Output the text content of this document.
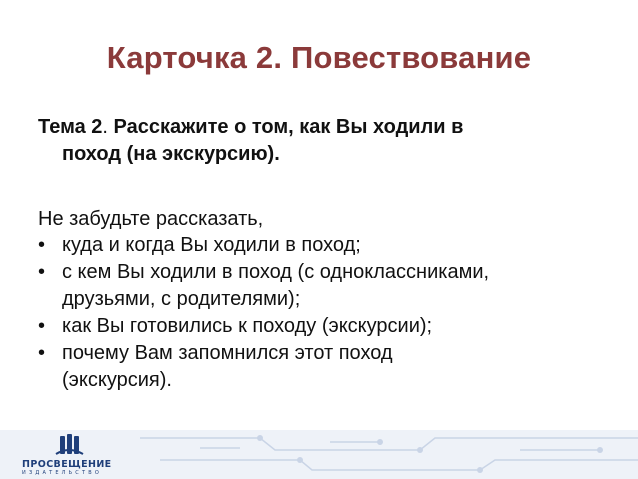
Карточка 2. Повествование
Тема 2. Расскажите о том, как Вы ходили в
поход (на экскурсию).
Не забудьте рассказать,
• куда и когда Вы ходили в поход;
• с кем Вы ходили в поход (с одноклассниками,
друзьями, с родителями);
• как Вы готовились к походу (экскурсии);
• почему Вам запомнился этот поход
(экскурсия).
ПРОСВЕЩЕНИЕ
ИЗДАТЕЛЬСТВО
